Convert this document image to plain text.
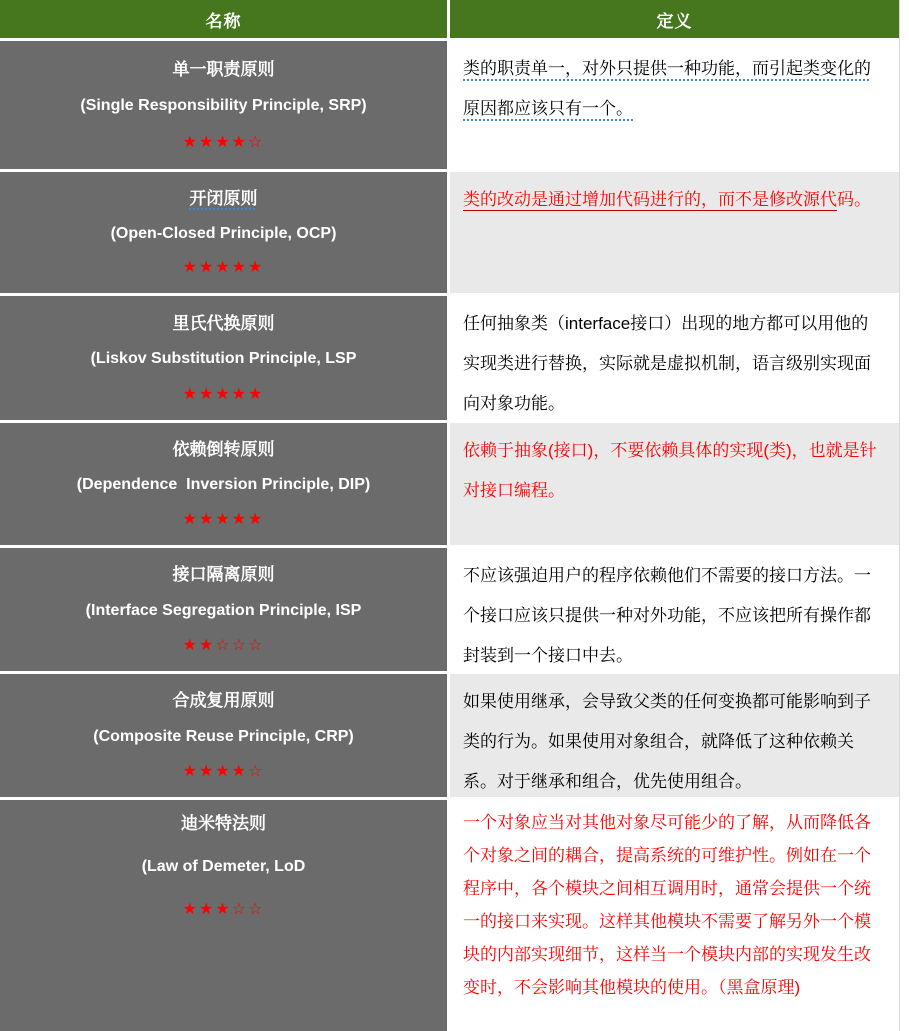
名称	定义
单一职责原则
(Single Responsibility Principle, SRP)
★★★★☆
类的职责单一，对外只提供一种功能，而引起类变化的原因都应该只有一个。
开闭原则
(Open-Closed Principle, OCP)
★★★★★
类的改动是通过增加代码进行的，而不是修改源代码。
里氏代换原则
(Liskov Substitution Principle, LSP
★★★★★
任何抽象类（interface接口）出现的地方都可以用他的实现类进行替换，实际就是虚拟机制，语言级别实现面向对象功能。
依赖倒转原则
(Dependence  Inversion Principle, DIP)
★★★★★
依赖于抽象(接口)，不要依赖具体的实现(类)，也就是针对接口编程。
接口隔离原则
(Interface Segregation Principle, ISP
★★☆☆☆
不应该强迫用户的程序依赖他们不需要的接口方法。一个接口应该只提供一种对外功能，不应该把所有操作都封装到一个接口中去。
合成复用原则
(Composite Reuse Principle, CRP)
★★★★☆
如果使用继承，会导致父类的任何变换都可能影响到子类的行为。如果使用对象组合，就降低了这种依赖关系。对于继承和组合，优先使用组合。
迪米特法则
(Law of Demeter, LoD
★★★☆☆
一个对象应当对其他对象尽可能少的了解，从而降低各个对象之间的耦合，提高系统的可维护性。例如在一个程序中，各个模块之间相互调用时，通常会提供一个统一的接口来实现。这样其他模块不需要了解另外一个模块的内部实现细节，这样当一个模块内部的实现发生改变时，不会影响其他模块的使用。（黑盒原理)
